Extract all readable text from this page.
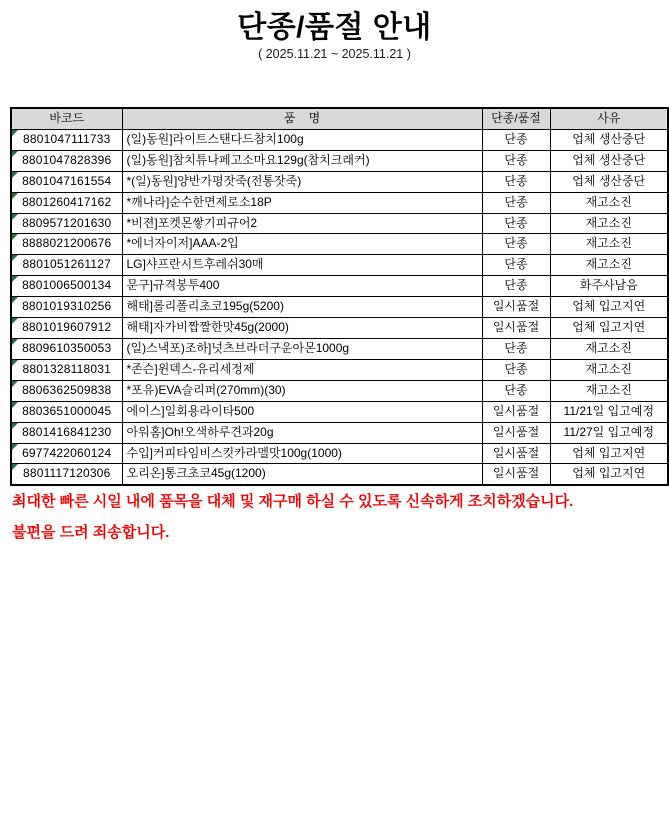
단종/품절 안내
( 2025.11.21 ~ 2025.11.21 )
바코드	품    명	단종/품절	사유

8801047111733	(일)동원]라이트스탠다드참치100g	단종	업체 생산중단

8801047828396	(일)동원]참치튜나페고소마요129g(참치크래커)	단종	업체 생산중단

8801047161554	*(일)동원]양반가평잣죽(전통잣죽)	단종	업체 생산중단

8801260417162	*깨나라]순수한면제로소18P	단종	재고소진

8809571201630	*비젼]포켓몬쌓기피규어2	단종	재고소진

8888021200676	*에너자이저]AAA-2입	단종	재고소진

8801051261127	LG]샤프란시트후레쉬30매	단종	재고소진

8801006500134	문구]규격봉투400	단종	화주사남음

8801019310256	해태]롤리폴리초코195g(5200)	일시품절	업체 입고지연

8801019607912	해태]자가비짭짤한맛45g(2000)	일시품절	업체 입고지연

8809610350053	(일)스낵포)조하]넛츠브라더구운아몬1000g	단종	재고소진

8801328118031	*존슨]윈덱스-유리세정제	단종	재고소진

8806362509838	*포유)EVA슬리퍼(270mm)(30)	단종	재고소진

8803651000045	에이스]일회용라이타500	일시품절	11/21일 입고예정

8801416841230	아워홈]Oh!오색하루견과20g	일시품절	11/27일 입고예정

6977422060124	수입]커피타임비스킷카라멜맛100g(1000)	일시품절	업체 입고지연

8801117120306	오리온]통크초코45g(1200)	일시품절	업체 입고지연

최대한 빠른 시일 내에 품목을 대체 및 재구매 하실 수 있도록 신속하게 조치하겠습니다.

불편을 드려 죄송합니다.
